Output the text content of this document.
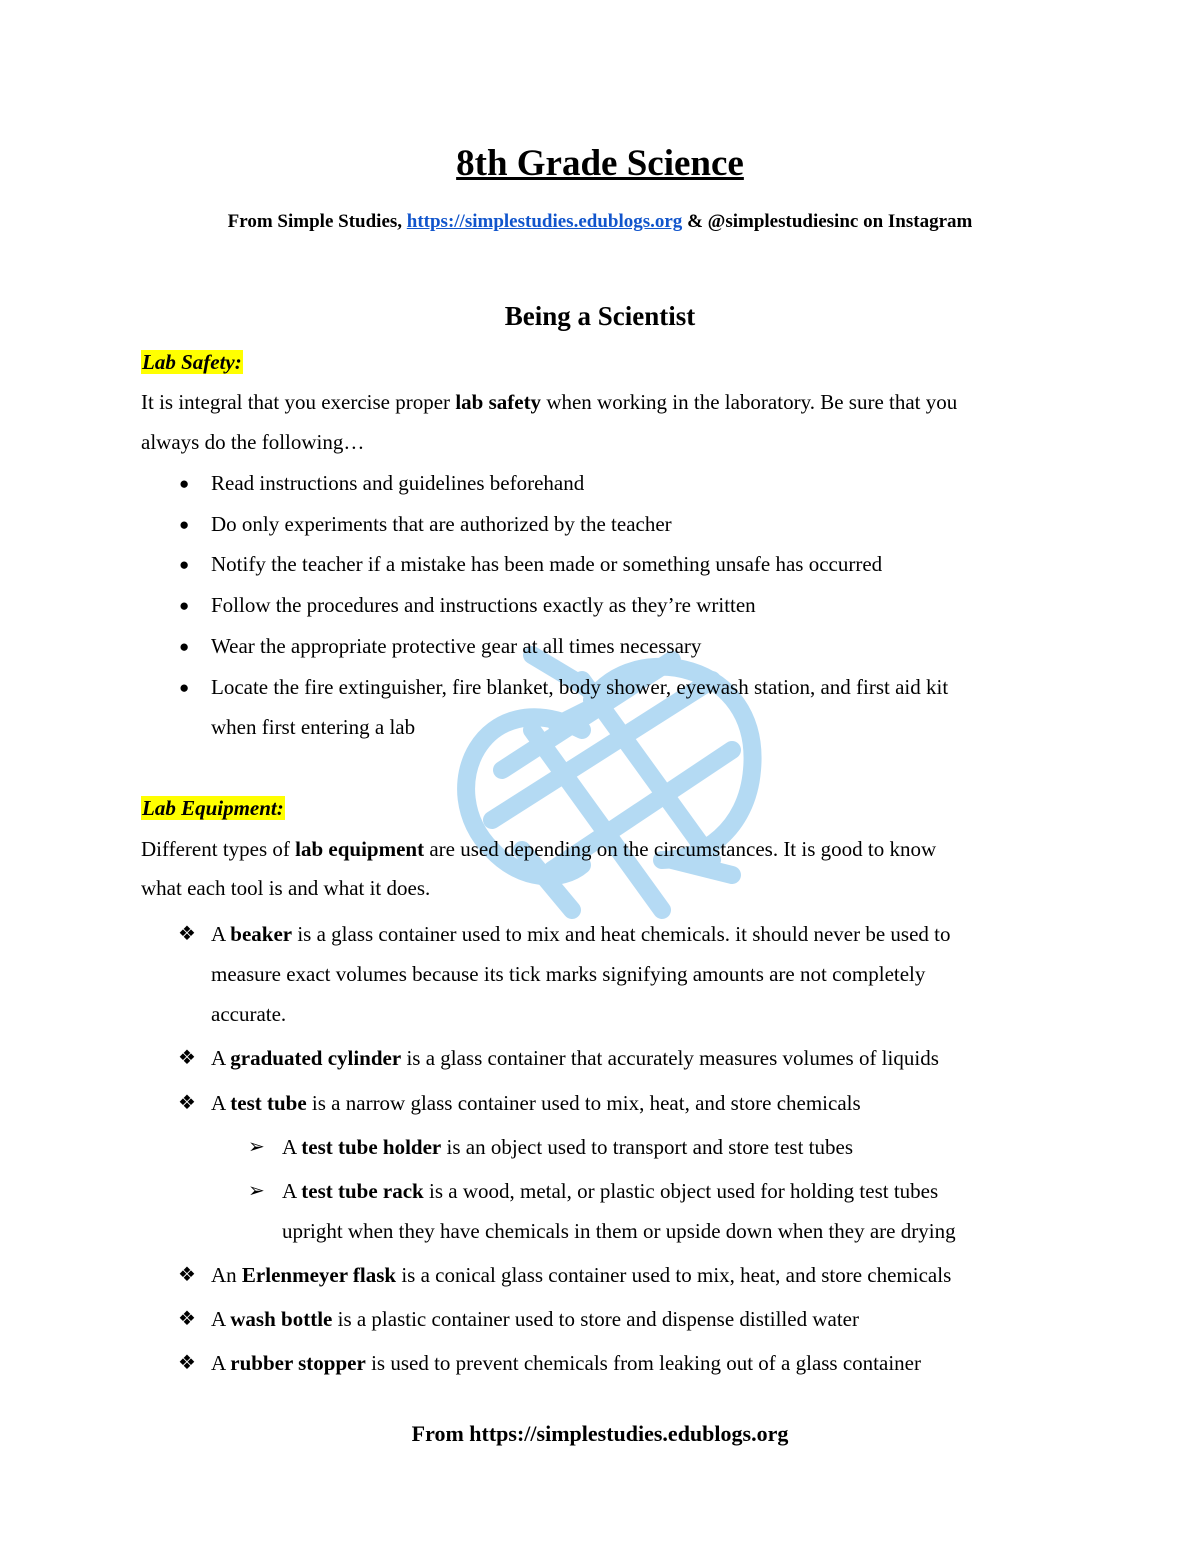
8th Grade Science
From Simple Studies, https://simplestudies.edublogs.org & @simplestudiesinc on Instagram
Being a Scientist
Lab Safety:
It is integral that you exercise proper lab safety when working in the laboratory. Be sure that you
always do the following…
● Read instructions and guidelines beforehand
● Do only experiments that are authorized by the teacher
● Notify the teacher if a mistake has been made or something unsafe has occurred
● Follow the procedures and instructions exactly as they’re written
● Wear the appropriate protective gear at all times necessary
● Locate the fire extinguisher, fire blanket, body shower, eyewash station, and first aid kit
when first entering a lab
Lab Equipment:
Different types of lab equipment are used depending on the circumstances. It is good to know
what each tool is and what it does.
❖ A beaker is a glass container used to mix and heat chemicals. it should never be used to
measure exact volumes because its tick marks signifying amounts are not completely
accurate.
❖ A graduated cylinder is a glass container that accurately measures volumes of liquids
❖ A test tube is a narrow glass container used to mix, heat, and store chemicals
➢ A test tube holder is an object used to transport and store test tubes
➢ A test tube rack is a wood, metal, or plastic object used for holding test tubes
upright when they have chemicals in them or upside down when they are drying
❖ An Erlenmeyer flask is a conical glass container used to mix, heat, and store chemicals
❖ A wash bottle is a plastic container used to store and dispense distilled water
❖ A rubber stopper is used to prevent chemicals from leaking out of a glass container
From https://simplestudies.edublogs.org
